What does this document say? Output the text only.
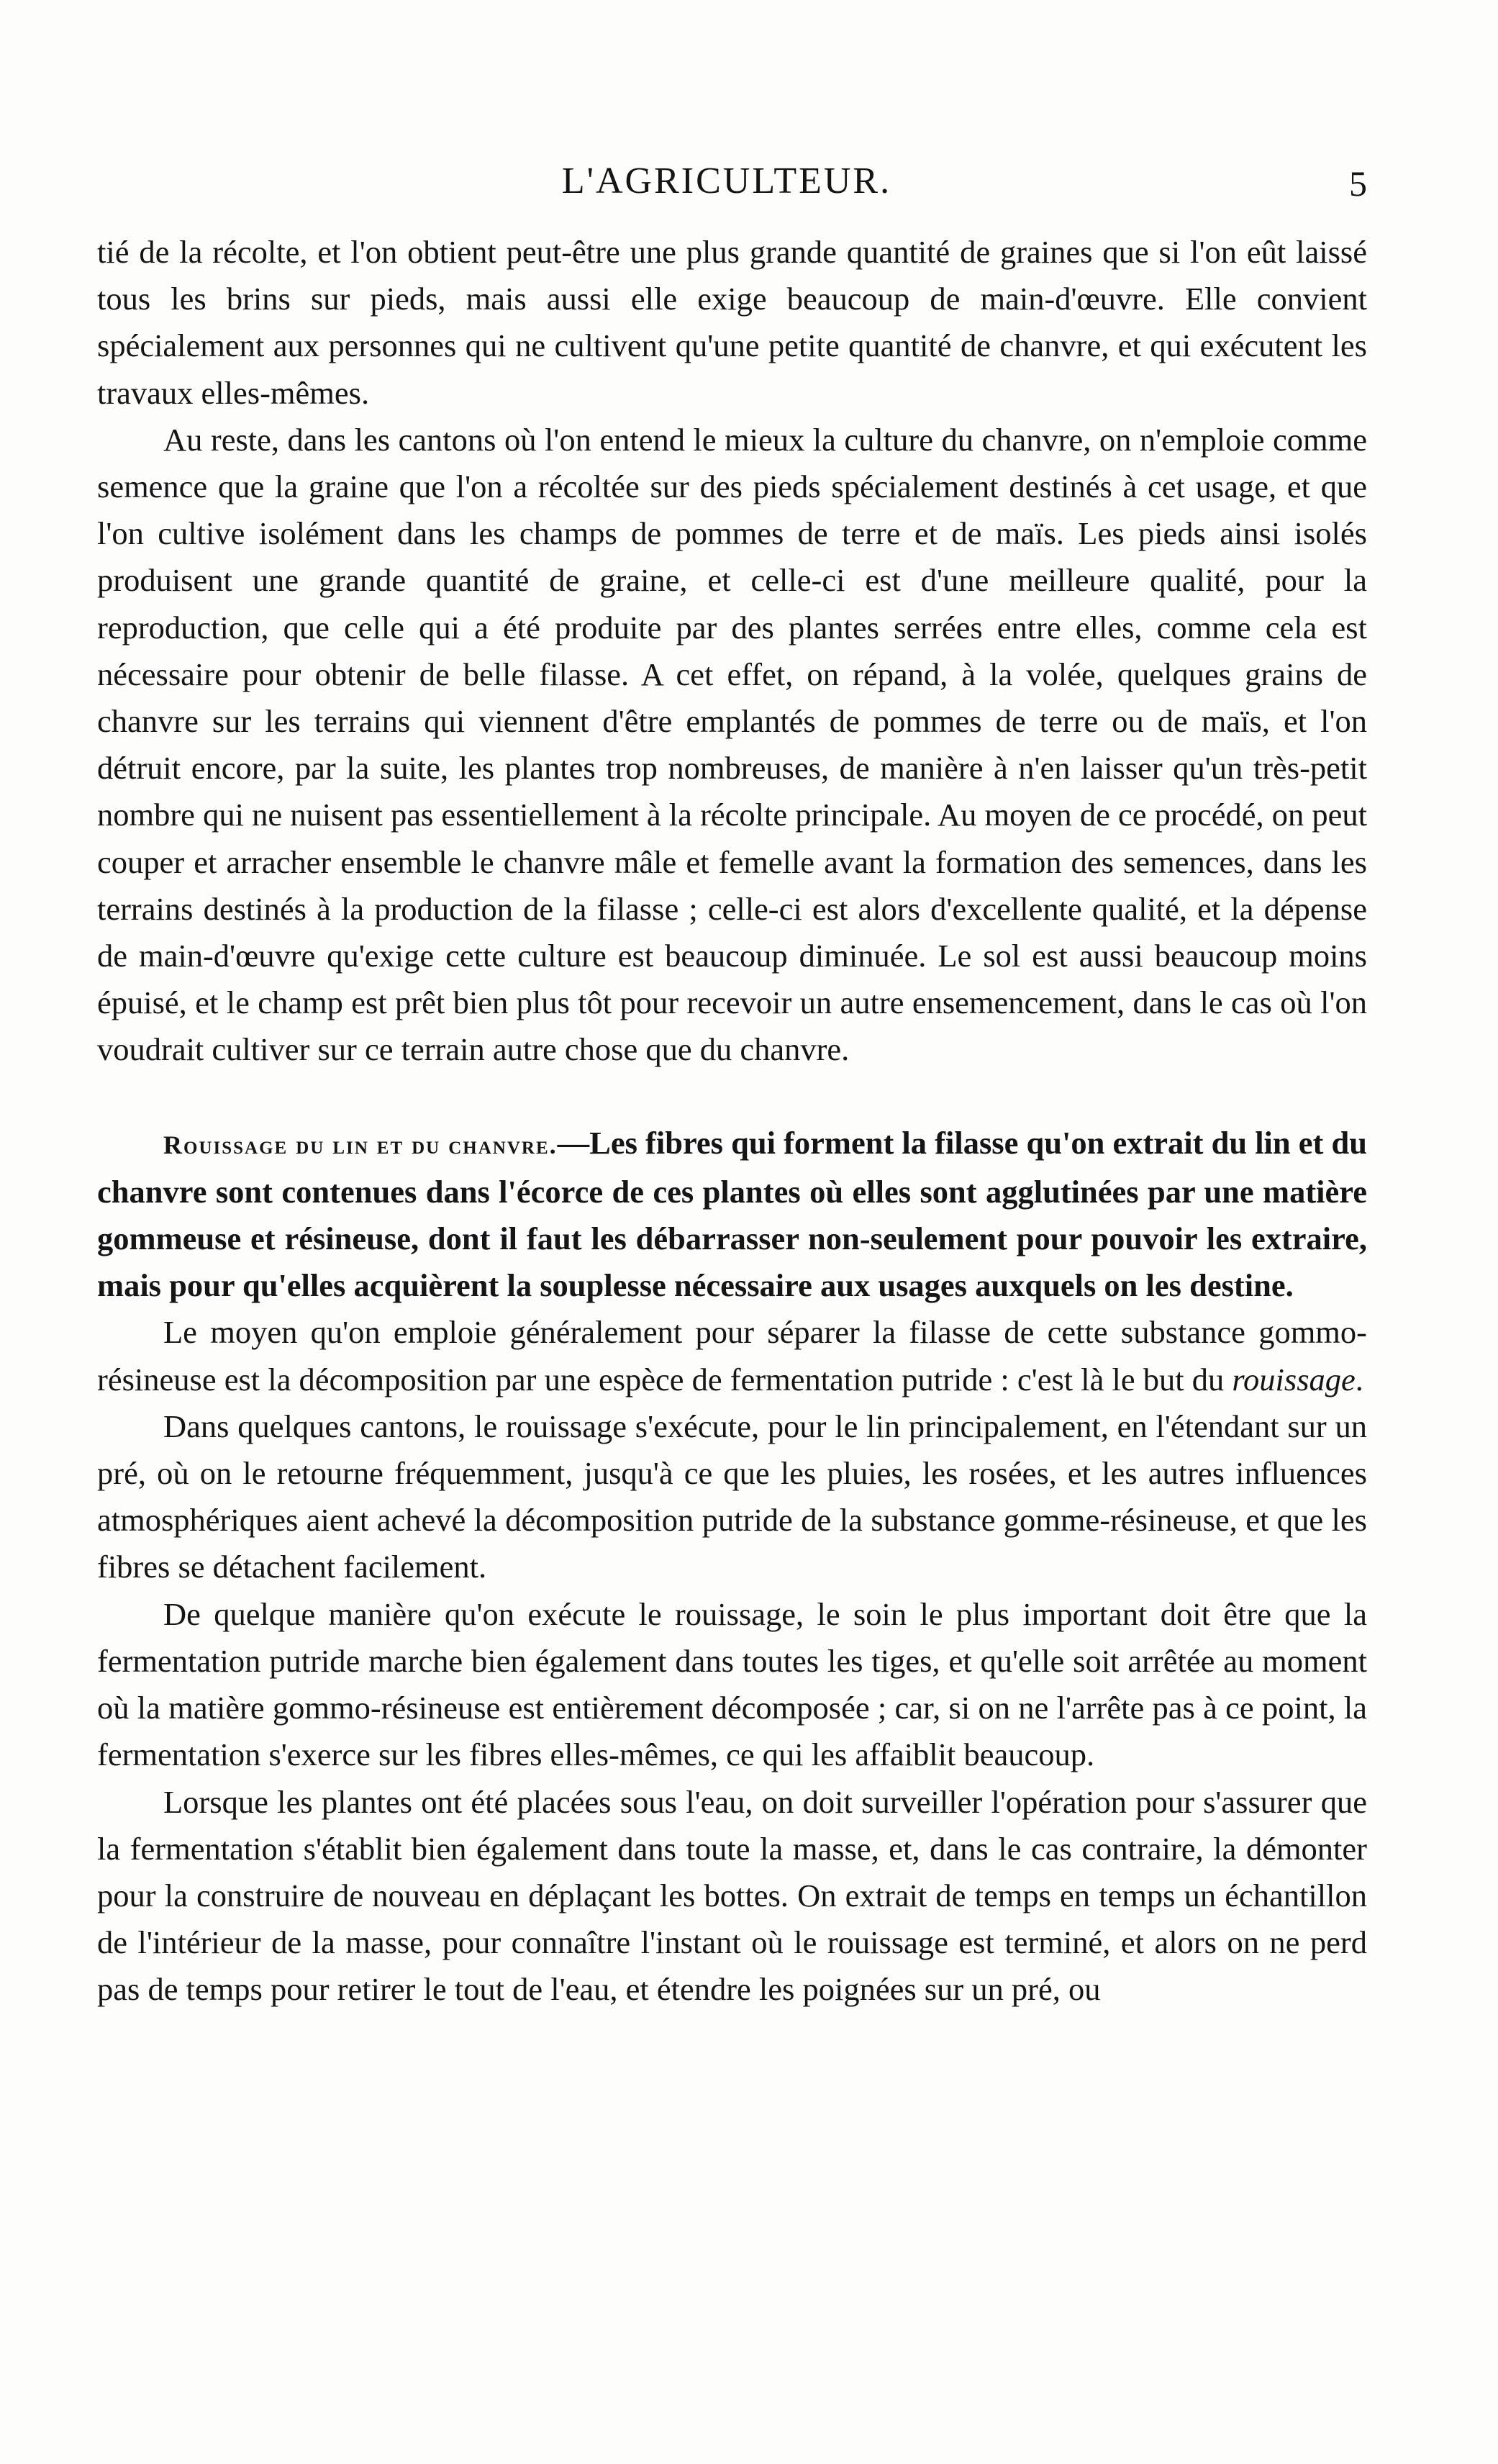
L'AGRICULTEUR.	5

tié de la récolte, et l'on obtient peut-être une plus grande quantité de graines que si l'on eût laissé tous les brins sur pieds, mais aussi elle exige beaucoup de main-d'œuvre. Elle convient spécialement aux personnes qui ne cultivent qu'une petite quantité de chanvre, et qui exécutent les travaux elles-mêmes.

Au reste, dans les cantons où l'on entend le mieux la culture du chanvre, on n'emploie comme semence que la graine que l'on a récoltée sur des pieds spécialement destinés à cet usage, et que l'on cultive isolément dans les champs de pommes de terre et de maïs. Les pieds ainsi isolés produisent une grande quantité de graine, et celle-ci est d'une meilleure qualité, pour la reproduction, que celle qui a été produite par des plantes serrées entre elles, comme cela est nécessaire pour obtenir de belle filasse. A cet effet, on répand, à la volée, quelques grains de chanvre sur les terrains qui viennent d'être emplantés de pommes de terre ou de maïs, et l'on détruit encore, par la suite, les plantes trop nombreuses, de manière à n'en laisser qu'un très-petit nombre qui ne nuisent pas essentiellement à la récolte principale. Au moyen de ce procédé, on peut couper et arracher ensemble le chanvre mâle et femelle avant la formation des semences, dans les terrains destinés à la production de la filasse ; celle-ci est alors d'excellente qualité, et la dépense de main-d'œuvre qu'exige cette culture est beaucoup diminuée. Le sol est aussi beaucoup moins épuisé, et le champ est prêt bien plus tôt pour recevoir un autre ensemencement, dans le cas où l'on voudrait cultiver sur ce terrain autre chose que du chanvre.

Rouissage du lin et du chanvre.—Les fibres qui forment la filasse qu'on extrait du lin et du chanvre sont contenues dans l'écorce de ces plantes où elles sont agglutinées par une matière gommeuse et résineuse, dont il faut les débarrasser non-seulement pour pouvoir les extraire, mais pour qu'elles acquièrent la souplesse nécessaire aux usages auxquels on les destine.

Le moyen qu'on emploie généralement pour séparer la filasse de cette substance gommo-résineuse est la décomposition par une espèce de fermentation putride : c'est là le but du rouissage.

Dans quelques cantons, le rouissage s'exécute, pour le lin principalement, en l'étendant sur un pré, où on le retourne fréquemment, jusqu'à ce que les pluies, les rosées, et les autres influences atmosphériques aient achevé la décomposition putride de la substance gomme-résineuse, et que les fibres se détachent facilement.

De quelque manière qu'on exécute le rouissage, le soin le plus important doit être que la fermentation putride marche bien également dans toutes les tiges, et qu'elle soit arrêtée au moment où la matière gommo-résineuse est entièrement décomposée ; car, si on ne l'arrête pas à ce point, la fermentation s'exerce sur les fibres elles-mêmes, ce qui les affaiblit beaucoup.

Lorsque les plantes ont été placées sous l'eau, on doit surveiller l'opération pour s'assurer que la fermentation s'établit bien également dans toute la masse, et, dans le cas contraire, la démonter pour la construire de nouveau en déplaçant les bottes. On extrait de temps en temps un échantillon de l'intérieur de la masse, pour connaître l'instant où le rouissage est terminé, et alors on ne perd pas de temps pour retirer le tout de l'eau, et étendre les poignées sur un pré, ou
